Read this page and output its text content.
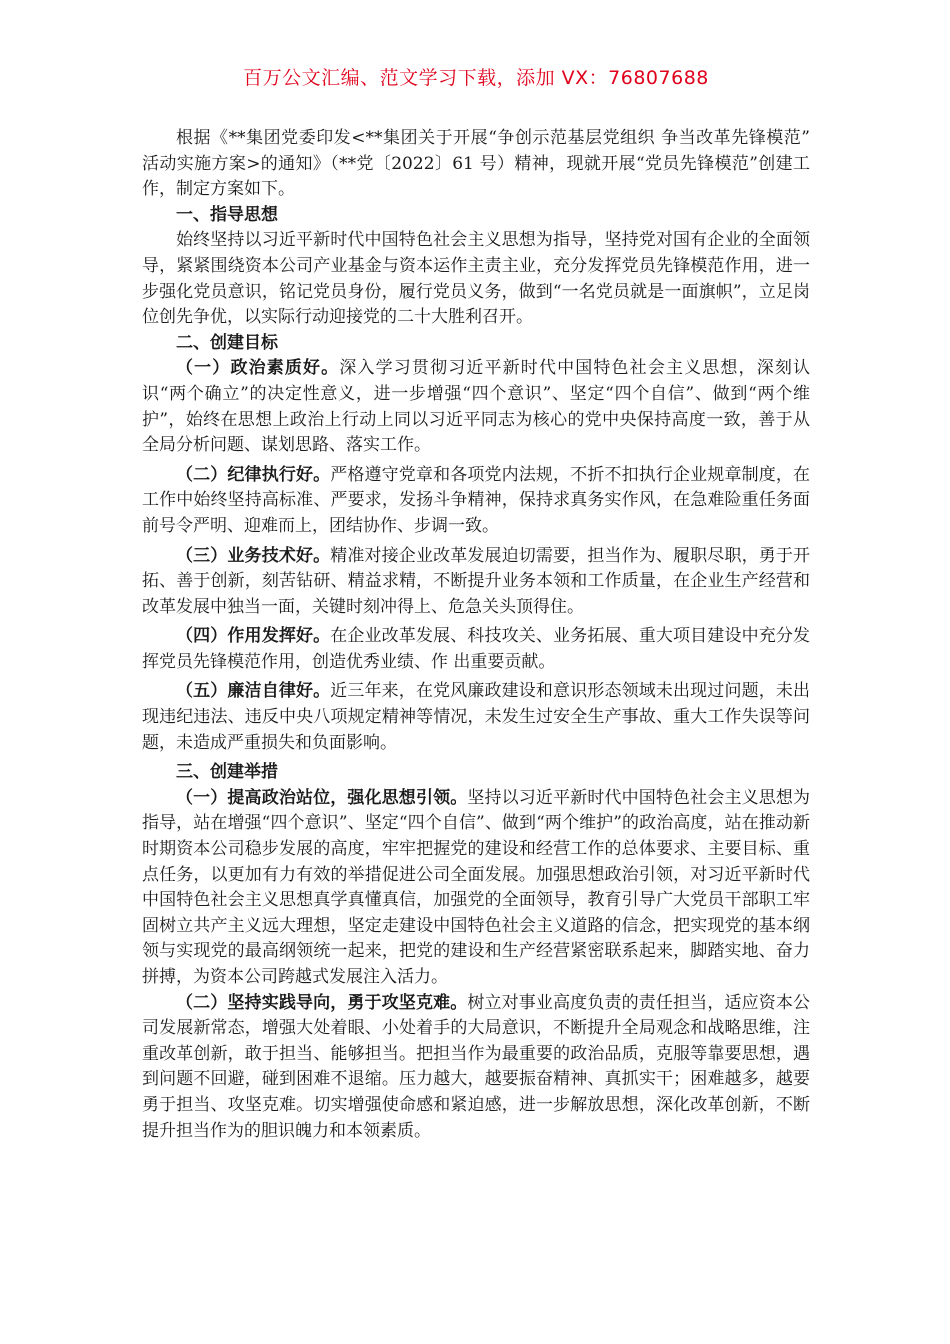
百万公文汇编、范文学习下载，添加 VX：76807688

根据《**集团党委印发<**集团关于开展“争创示范基层党组织 争当改革先锋模范” 活动实施方案>的通知》（**党〔2022〕61 号）精神，现就开展“党员先锋模范”创建工作，制定方案如下。

一、指导思想

始终坚持以习近平新时代中国特色社会主义思想为指导，坚持党对国有企业的全面领导，紧紧围绕资本公司产业基金与资本运作主责主业，充分发挥党员先锋模范作用，进一步强化党员意识，铭记党员身份，履行党员义务，做到“一名党员就是一面旗帜”，立足岗位创先争优，以实际行动迎接党的二十大胜利召开。

二、创建目标

（一）政治素质好。深入学习贯彻习近平新时代中国特色社会主义思想，深刻认识“两个确立”的决定性意义，进一步增强“四个意识”、坚定“四个自信”、做到“两个维护”，始终在思想上政治上行动上同以习近平同志为核心的党中央保持高度一致，善于从全局分析问题、谋划思路、落实工作。

（二）纪律执行好。严格遵守党章和各项党内法规，不折不扣执行企业规章制度，在工作中始终坚持高标准、严要求，发扬斗争精神，保持求真务实作风，在急难险重任务面前号令严明、迎难而上，团结协作、步调一致。

（三）业务技术好。精准对接企业改革发展迫切需要，担当作为、履职尽职，勇于开拓、善于创新，刻苦钻研、精益求精，不断提升业务本领和工作质量，在企业生产经营和改革发展中独当一面，关键时刻冲得上、危急关头顶得住。

（四）作用发挥好。在企业改革发展、科技攻关、业务拓展、重大项目建设中充分发挥党员先锋模范作用，创造优秀业绩、作 出重要贡献。

（五）廉洁自律好。近三年来，在党风廉政建设和意识形态领域未出现过问题，未出现违纪违法、违反中央八项规定精神等情况，未发生过安全生产事故、重大工作失误等问题，未造成严重损失和负面影响。

三、创建举措

（一）提高政治站位，强化思想引领。坚持以习近平新时代中国特色社会主义思想为指导，站在增强“四个意识”、坚定“四个自信”、做到“两个维护”的政治高度，站在推动新时期资本公司稳步发展的高度，牢牢把握党的建设和经营工作的总体要求、主要目标、重点任务，以更加有力有效的举措促进公司全面发展。加强思想政治引领，对习近平新时代中国特色社会主义思想真学真懂真信，加强党的全面领导，教育引导广大党员干部职工牢固树立共产主义远大理想，坚定走建设中国特色社会主义道路的信念，把实现党的基本纲领与实现党的最高纲领统一起来，把党的建设和生产经营紧密联系起来，脚踏实地、奋力拼搏，为资本公司跨越式发展注入活力。

（二）坚持实践导向，勇于攻坚克难。树立对事业高度负责的责任担当，适应资本公司发展新常态，增强大处着眼、小处着手的大局意识，不断提升全局观念和战略思维，注重改革创新，敢于担当、能够担当。把担当作为最重要的政治品质，克服等靠要思想，遇到问题不回避，碰到困难不退缩。压力越大，越要振奋精神、真抓实干；困难越多，越要勇于担当、攻坚克难。切实增强使命感和紧迫感，进一步解放思想，深化改革创新，不断提升担当作为的胆识魄力和本领素质。
